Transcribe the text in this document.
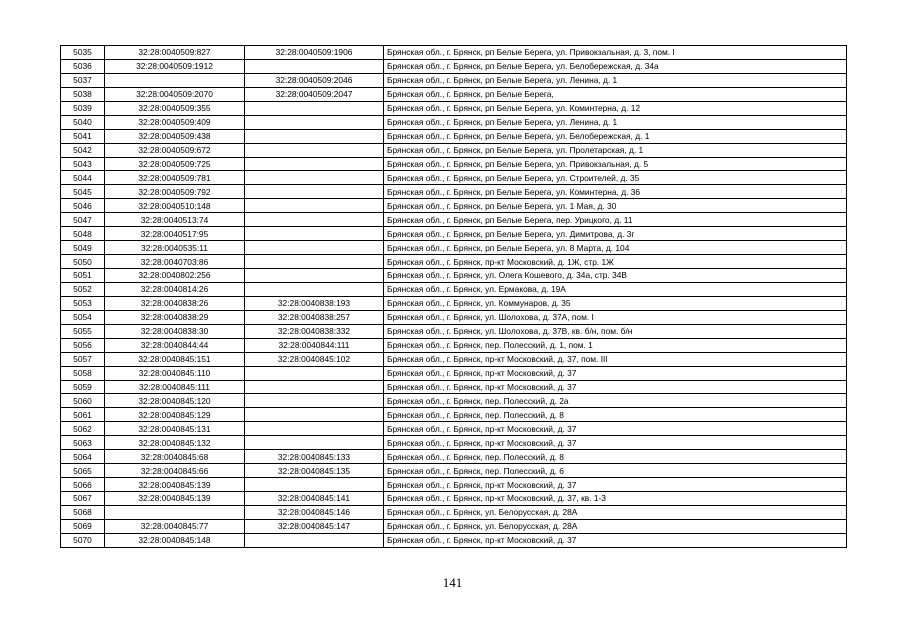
5035	32:28:0040509:827	32:28:0040509:1906	Брянская обл., г. Брянск, рп Белые Берега, ул. Привокзальная, д. 3, пом. I
5036	32:28:0040509:1912		Брянская обл., г. Брянск, рп Белые Берега, ул. Белобережская, д. 34а
5037		32:28:0040509:2046	Брянская обл., г. Брянск, рп Белые Берега, ул. Ленина, д. 1
5038	32:28:0040509:2070	32:28:0040509:2047	Брянская обл., г. Брянск, рп Белые Берега,
5039	32:28:0040509:355		Брянская обл., г. Брянск, рп Белые Берега, ул. Коминтерна, д. 12
5040	32:28:0040509:409		Брянская обл., г. Брянск, рп Белые Берега, ул. Ленина, д. 1
5041	32:28:0040509:438		Брянская обл., г. Брянск, рп Белые Берега, ул. Белобережская, д. 1
5042	32:28:0040509:672		Брянская обл., г. Брянск, рп Белые Берега, ул. Пролетарская, д. 1
5043	32:28:0040509:725		Брянская обл., г. Брянск, рп Белые Берега, ул. Привокзальная, д. 5
5044	32:28:0040509:781		Брянская обл., г. Брянск, рп Белые Берега, ул. Строителей, д. 35
5045	32:28:0040509:792		Брянская обл., г. Брянск, рп Белые Берега, ул. Коминтерна, д. 36
5046	32:28:0040510:148		Брянская обл., г. Брянск, рп Белые Берега, ул. 1 Мая, д. 30
5047	32:28:0040513:74		Брянская обл., г. Брянск, рп Белые Берега, пер. Урицкого, д. 11
5048	32:28:0040517:95		Брянская обл., г. Брянск, рп Белые Берега, ул. Димитрова, д. 3г
5049	32:28:0040535:11		Брянская обл., г. Брянск, рп Белые Берега, ул. 8 Марта, д. 104
5050	32:28:0040703:86		Брянская обл., г. Брянск, пр-кт Московский, д. 1Ж, стр. 1Ж
5051	32:28:0040802:256		Брянская обл., г. Брянск, ул. Олега Кошевого, д. 34а, стр. 34В
5052	32:28:0040814:26		Брянская обл., г. Брянск, ул. Ермакова, д. 19А
5053	32:28:0040838:26	32:28:0040838:193	Брянская обл., г. Брянск, ул. Коммунаров, д. 35
5054	32:28:0040838:29	32:28:0040838:257	Брянская обл., г. Брянск, ул. Шолохова, д. 37А, пом. I
5055	32:28:0040838:30	32:28:0040838:332	Брянская обл., г. Брянск, ул. Шолохова, д. 37В, кв. б/н, пом. б/н
5056	32:28:0040844:44	32:28:0040844:111	Брянская обл., г. Брянск, пер. Полесский, д. 1, пом. 1
5057	32:28:0040845:151	32:28:0040845:102	Брянская обл., г. Брянск, пр-кт Московский, д. 37, пом. III
5058	32:28:0040845:110		Брянская обл., г. Брянск, пр-кт Московский, д. 37
5059	32:28:0040845:111		Брянская обл., г. Брянск, пр-кт Московский, д. 37
5060	32:28:0040845:120		Брянская обл., г. Брянск, пер. Полесский, д. 2а
5061	32:28:0040845:129		Брянская обл., г. Брянск, пер. Полесский, д. 8
5062	32:28:0040845:131		Брянская обл., г. Брянск, пр-кт Московский, д. 37
5063	32:28:0040845:132		Брянская обл., г. Брянск, пр-кт Московский, д. 37
5064	32:28:0040845:68	32:28:0040845:133	Брянская обл., г. Брянск, пер. Полесский, д. 8
5065	32:28:0040845:66	32:28:0040845:135	Брянская обл., г. Брянск, пер. Полесский, д. 6
5066	32:28:0040845:139		Брянская обл., г. Брянск, пр-кт Московский, д. 37
5067	32:28:0040845:139	32:28:0040845:141	Брянская обл., г. Брянск, пр-кт Московский, д. 37, кв. 1-3
5068		32:28:0040845:146	Брянская обл., г. Брянск, ул. Белорусская, д. 28А
5069	32:28:0040845:77	32:28:0040845:147	Брянская обл., г. Брянск, ул. Белорусская, д. 28А
5070	32:28:0040845:148		Брянская обл., г. Брянск, пр-кт Московский, д. 37
141
